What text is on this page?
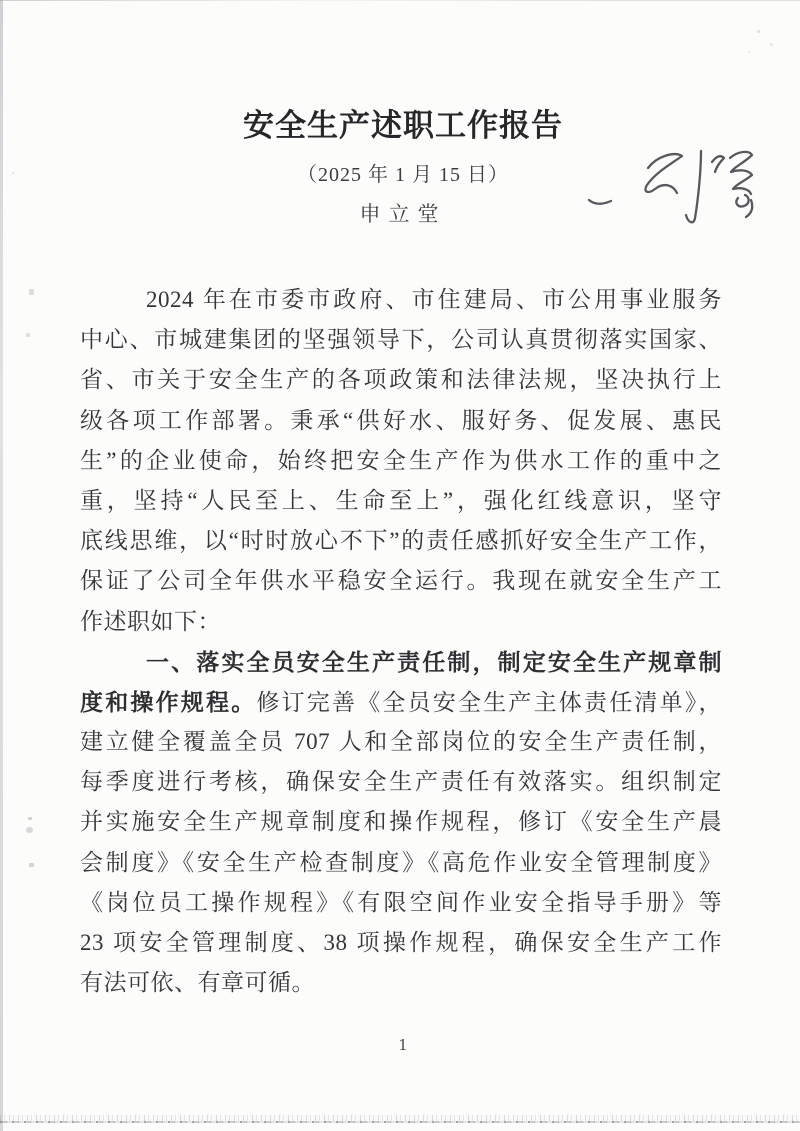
安全生产述职工作报告
（2025 年 1 月 15 日）
申立堂
2024 年在市委市政府、市住建局、市公用事业服务
中心、市城建集团的坚强领导下，公司认真贯彻落实国家、
省、市关于安全生产的各项政策和法律法规，坚决执行上
级各项工作部署。秉承“供好水、服好务、促发展、惠民
生”的企业使命，始终把安全生产作为供水工作的重中之
重，坚持“人民至上、生命至上”，强化红线意识，坚守
底线思维，以“时时放心不下”的责任感抓好安全生产工作，
保证了公司全年供水平稳安全运行。我现在就安全生产工
作述职如下：
一、落实全员安全生产责任制，制定安全生产规章制
度和操作规程。修订完善《全员安全生产主体责任清单》，
建立健全覆盖全员 707 人和全部岗位的安全生产责任制，
每季度进行考核，确保安全生产责任有效落实。组织制定
并实施安全生产规章制度和操作规程，修订《安全生产晨
会制度》《安全生产检查制度》《高危作业安全管理制度》
《岗位员工操作规程》《有限空间作业安全指导手册》等
23 项安全管理制度、38 项操作规程，确保安全生产工作
有法可依、有章可循。
1
